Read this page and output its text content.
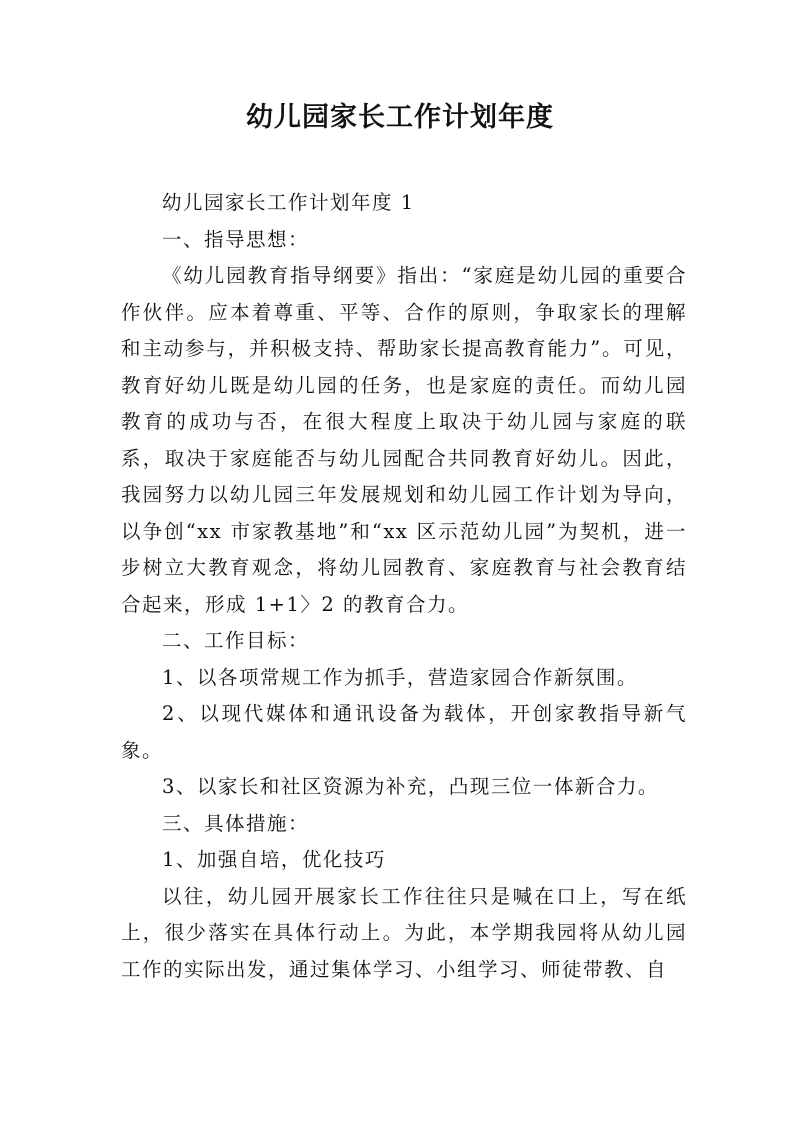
幼儿园家长工作计划年度

幼儿园家长工作计划年度 1

一、指导思想：

《幼儿园教育指导纲要》指出：“家庭是幼儿园的重要合作伙伴。应本着尊重、平等、合作的原则，争取家长的理解和主动参与，并积极支持、帮助家长提高教育能力”。可见，教育好幼儿既是幼儿园的任务，也是家庭的责任。而幼儿园教育的成功与否，在很大程度上取决于幼儿园与家庭的联系，取决于家庭能否与幼儿园配合共同教育好幼儿。因此，我园努力以幼儿园三年发展规划和幼儿园工作计划为导向，以争创“xx 市家教基地”和“xx 区示范幼儿园”为契机，进一步树立大教育观念，将幼儿园教育、家庭教育与社会教育结合起来，形成 1+1〉2 的教育合力。

二、工作目标：

1、以各项常规工作为抓手，营造家园合作新氛围。

2、以现代媒体和通讯设备为载体，开创家教指导新气象。

3、以家长和社区资源为补充，凸现三位一体新合力。

三、具体措施：

1、加强自培，优化技巧

以往，幼儿园开展家长工作往往只是喊在口上，写在纸上，很少落实在具体行动上。为此，本学期我园将从幼儿园工作的实际出发，通过集体学习、小组学习、师徒带教、自
